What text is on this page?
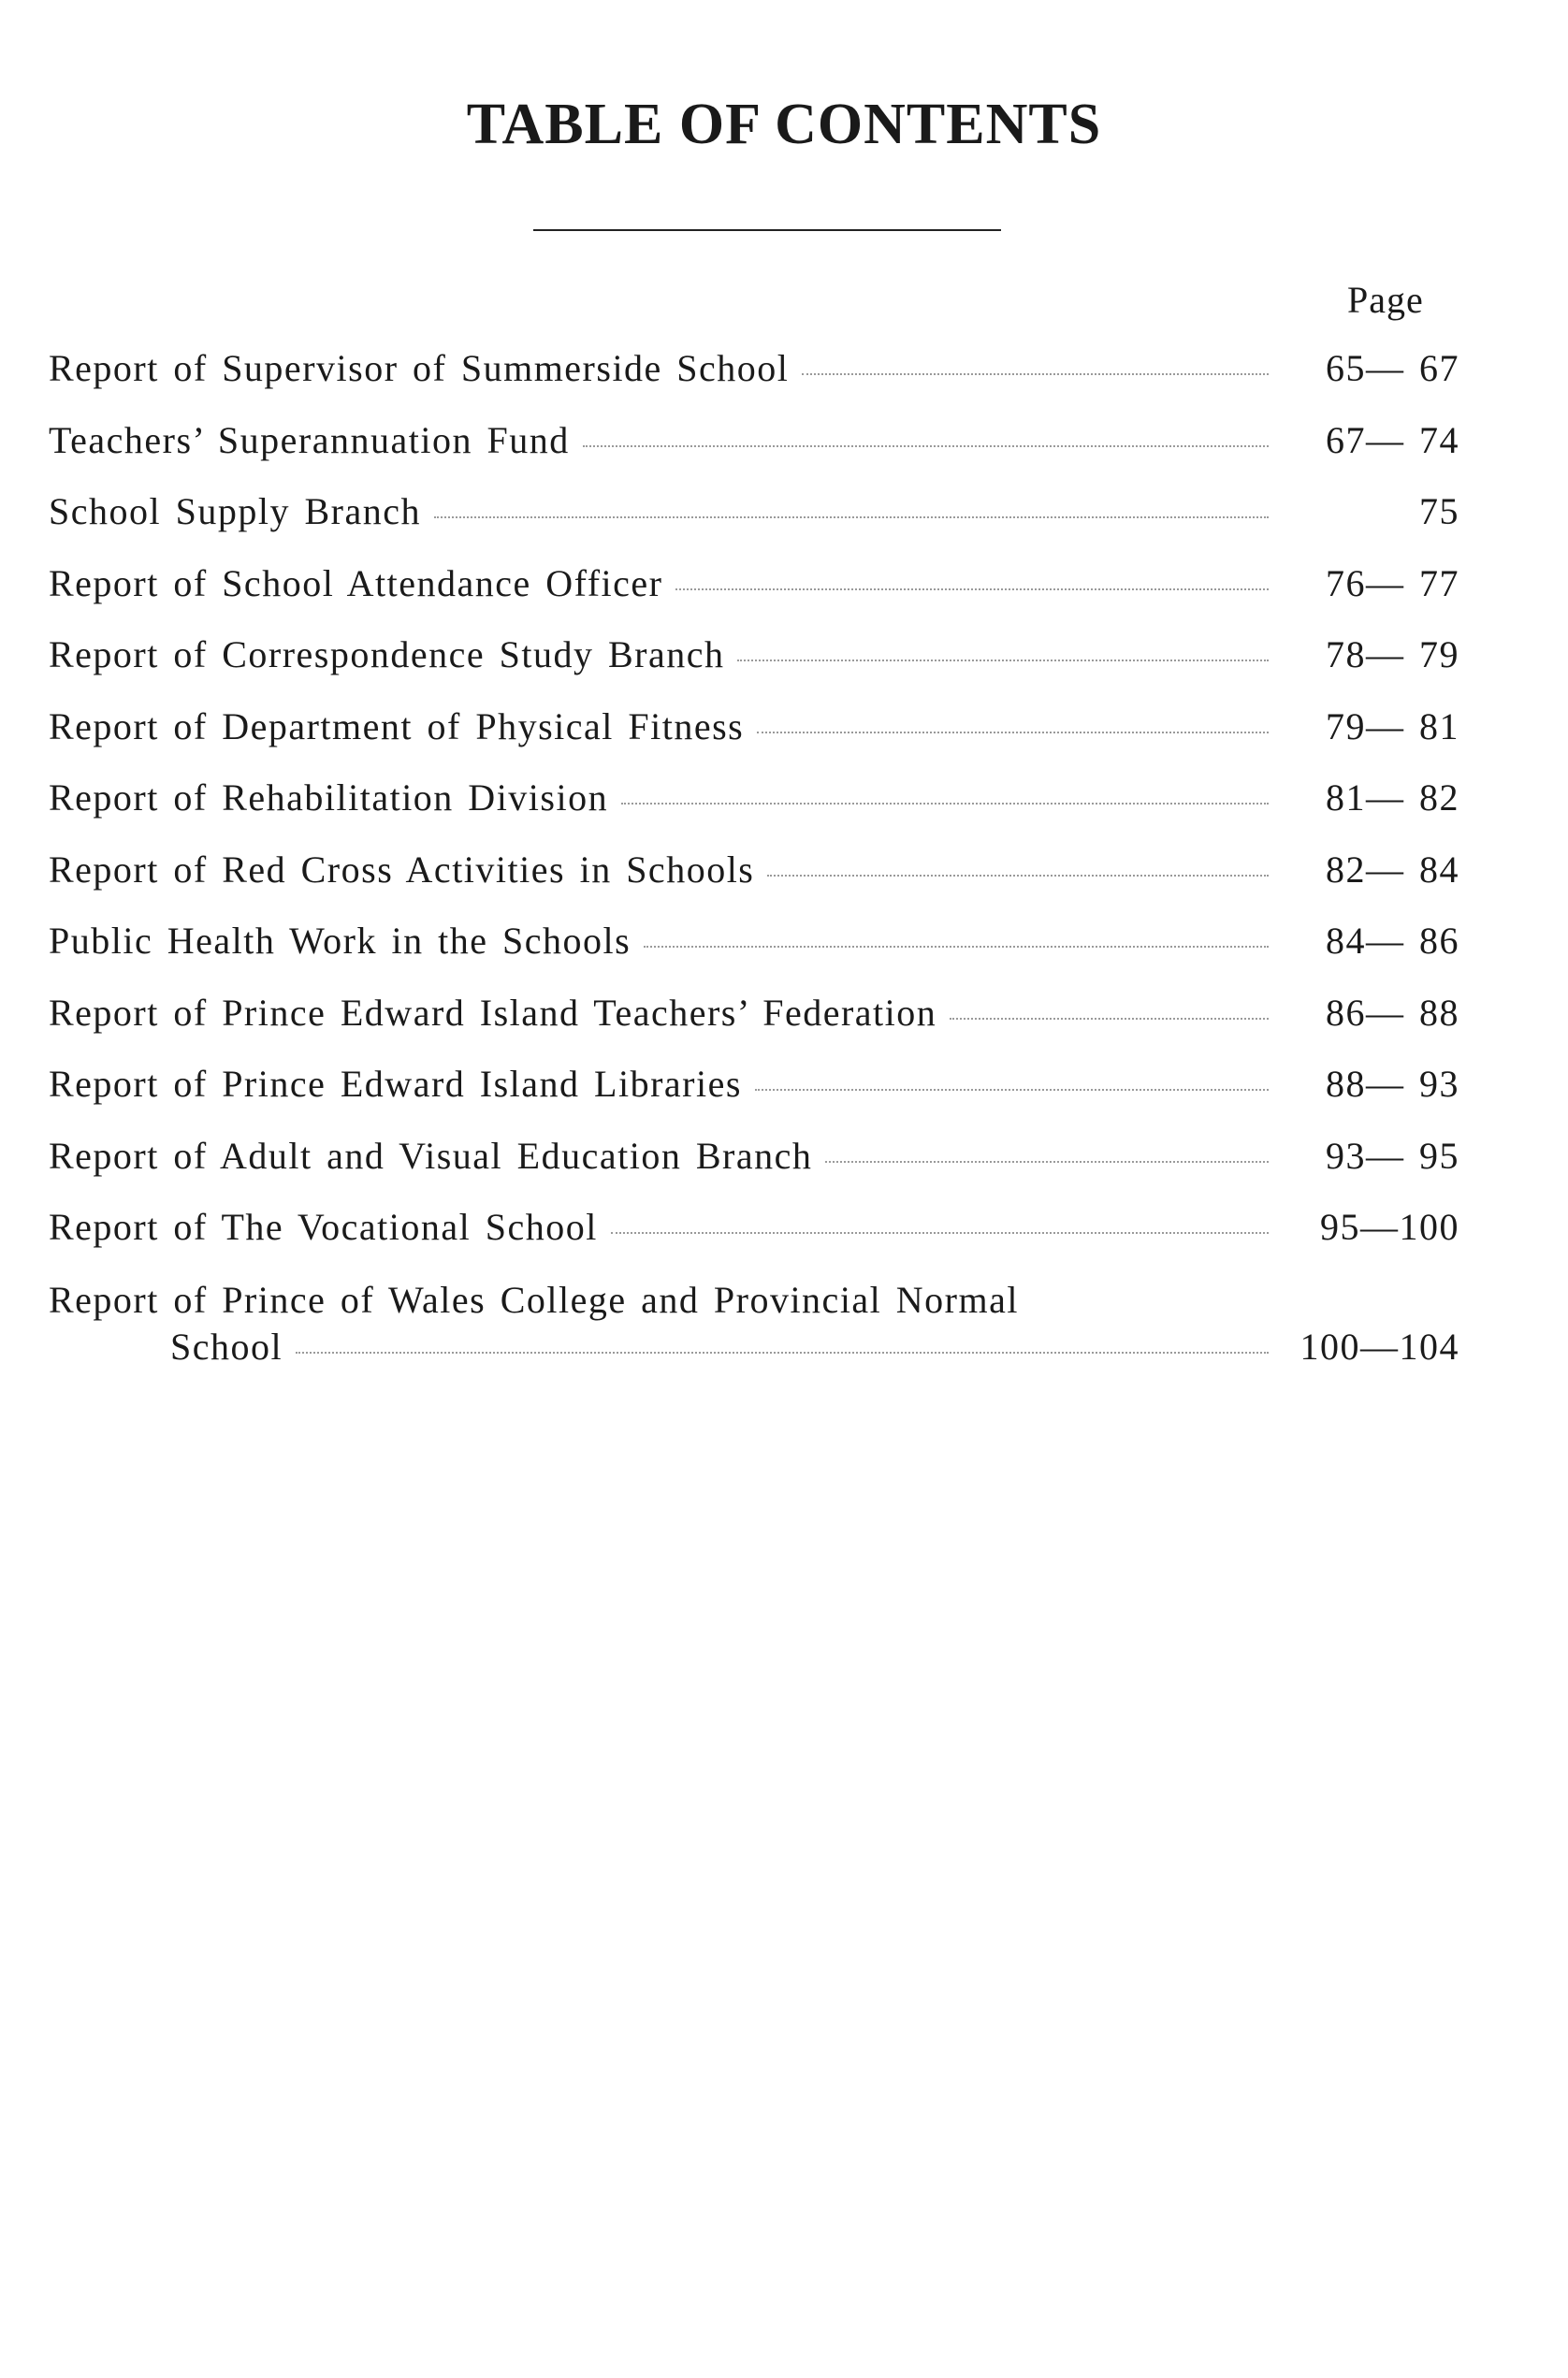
TABLE OF CONTENTS
Page
Report of Supervisor of Summerside School	65— 67
Teachers’ Superannuation Fund	67— 74
School Supply Branch	75
Report of School Attendance Officer	76— 77
Report of Correspondence Study Branch	78— 79
Report of Department of Physical Fitness	79— 81
Report of Rehabilitation Division	81— 82
Report of Red Cross Activities in Schools	82— 84
Public Health Work in the Schools	84— 86
Report of Prince Edward Island Teachers’ Federation	86— 88
Report of Prince Edward Island Libraries	88— 93
Report of Adult and Visual Education Branch	93— 95
Report of The Vocational School	95—100
Report of Prince of Wales College and Provincial Normal
School	100—104
